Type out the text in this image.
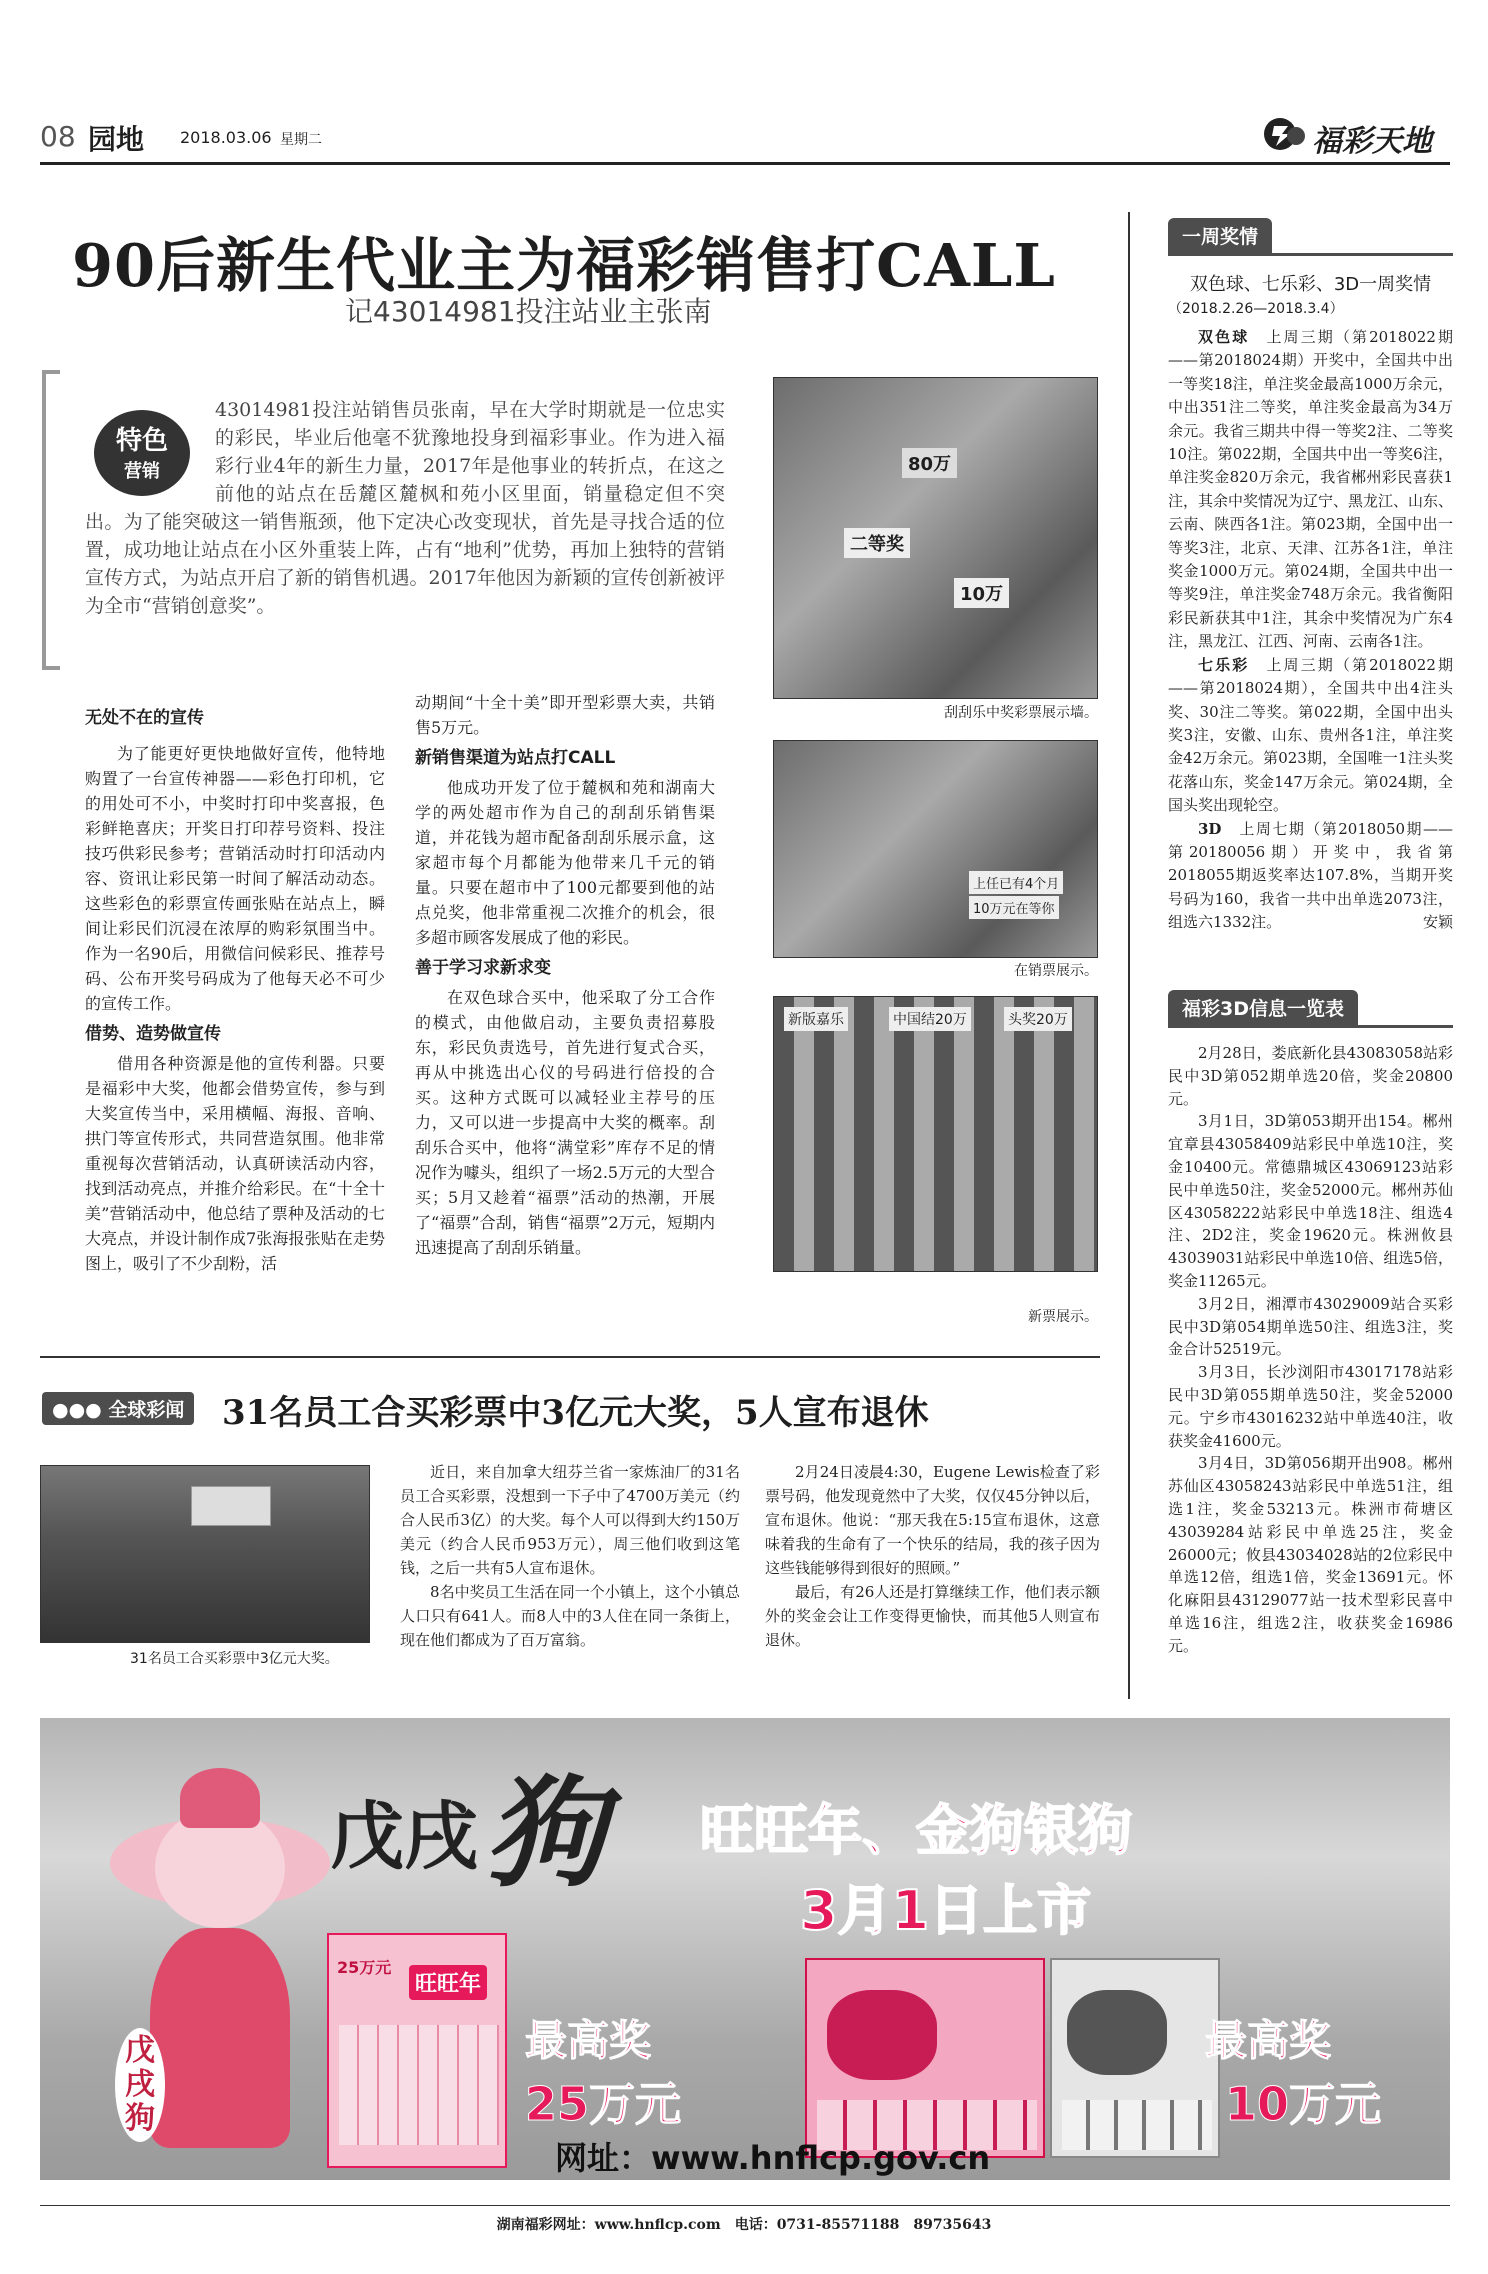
08 园地 2018.03.06 星期二	福彩天地
90后新生代业主为福彩销售打CALL
记43014981投注站业主张南
特色
营销
43014981投注站销售员张南，早在大学时期就是一位忠实的彩民，毕业后他毫不犹豫地投身到福彩事业。作为进入福彩行业4年的新生力量，2017年是他事业的转折点，在这之前他的站点在岳麓区麓枫和苑小区里面，销量稳定但不突出。为了能突破这一销售瓶颈，他下定决心改变现状，首先是寻找合适的位置，成功地让站点在小区外重装上阵，占有“地利”优势，再加上独特的营销宣传方式，为站点开启了新的销售机遇。2017年他因为新颖的宣传创新被评为全市“营销创意奖”。
无处不在的宣传

为了能更好更快地做好宣传，他特地购置了一台宣传神器——彩色打印机，它的用处可不小，中奖时打印中奖喜报，色彩鲜艳喜庆；开奖日打印荐号资料、投注技巧供彩民参考；营销活动时打印活动内容、资讯让彩民第一时间了解活动动态。这些彩色的彩票宣传画张贴在站点上，瞬间让彩民们沉浸在浓厚的购彩氛围当中。作为一名90后，用微信问候彩民、推荐号码、公布开奖号码成为了他每天必不可少的宣传工作。

借势、造势做宣传

借用各种资源是他的宣传利器。只要是福彩中大奖，他都会借势宣传，参与到大奖宣传当中，采用横幅、海报、音响、拱门等宣传形式，共同营造氛围。他非常重视每次营销活动，认真研读活动内容，找到活动亮点，并推介给彩民。在“十全十美”营销活动中，他总结了票种及活动的七大亮点，并设计制作成7张海报张贴在走势图上，吸引了不少刮粉，活

动期间“十全十美”即开型彩票大卖，共销售5万元。

新销售渠道为站点打CALL

他成功开发了位于麓枫和苑和湖南大学的两处超市作为自己的刮刮乐销售渠道，并花钱为超市配备刮刮乐展示盒，这家超市每个月都能为他带来几千元的销量。只要在超市中了100元都要到他的站点兑奖，他非常重视二次推介的机会，很多超市顾客发展成了他的彩民。

善于学习求新求变

在双色球合买中，他采取了分工合作的模式，由他做启动，主要负责招募股东，彩民负责选号，首先进行复式合买，再从中挑选出心仪的号码进行倍投的合买。这种方式既可以减轻业主荐号的压力，又可以进一步提高中大奖的概率。刮刮乐合买中，他将“满堂彩”库存不足的情况作为噱头，组织了一场2.5万元的大型合买；5月又趁着“福票”活动的热潮，开展了“福票”合刮，销售“福票”2万元，短期内迅速提高了刮刮乐销量。

80万
二等奖
10万
刮刮乐中奖彩票展示墙。
上任已有4个月
10万元在等你
在销票展示。
新版嘉乐	中国结20万	头奖20万
新票展示。
一周奖情
双色球、七乐彩、3D一周奖情
（2018.2.26—2018.3.4）

双色球　 上周三期（第2018022期——第2018024期）开奖中，全国共中出一等奖18注，单注奖金最高1000万余元，中出351注二等奖，单注奖金最高为34万余元。我省三期共中得一等奖2注、二等奖10注。第022期，全国共中出一等奖6注，单注奖金820万余元，我省郴州彩民喜获1注，其余中奖情况为辽宁、黑龙江、山东、云南、陕西各1注。第023期，全国中出一等奖3注，北京、天津、江苏各1注，单注奖金1000万元。第024期，全国共中出一等奖9注，单注奖金748万余元。我省衡阳彩民新获其中1注，其余中奖情况为广东4注，黑龙江、江西、河南、云南各1注。

七乐彩　 上周三期（第2018022期——第2018024期），全国共中出4注头奖、30注二等奖。第022期，全国中出头奖3注，安徽、山东、贵州各1注，单注奖金42万余元。第023期，全国唯一1注头奖花落山东，奖金147万余元。第024期，全国头奖出现轮空。

3D　 上周七期（第2018050期——第20180056期）开奖中，我省第2018055期返奖率达107.8%，当期开奖号码为160，我省一共中出单选2073注，组选六1332注。	安颖

福彩3D信息一览表

2月28日，娄底新化县43083058站彩民中3D第052期单选20倍，奖金20800元。

3月1日，3D第053期开出154。郴州宜章县43058409站彩民中单选10注，奖金10400元。常德鼎城区43069123站彩民中单选50注，奖金52000元。郴州苏仙区43058222站彩民中单选18注、组选4注、2D2注，奖金19620元。株洲攸县43039031站彩民中单选10倍、组选5倍，奖金11265元。

3月2日，湘潭市43029009站合买彩民中3D第054期单选50注、组选3注，奖金合计52519元。

3月3日，长沙浏阳市43017178站彩民中3D第055期单选50注，奖金52000元。宁乡市43016232站中单选40注，收获奖金41600元。

3月4日，3D第056期开出908。郴州苏仙区43058243站彩民中单选51注，组选1注，奖金53213元。株洲市荷塘区43039284站彩民中单选25注，奖金26000元；攸县43034028站的2位彩民中单选12倍，组选1倍，奖金13691元。怀化麻阳县43129077站一技术型彩民喜中单选16注，组选2注，收获奖金16986元。

●●● 全球彩闻 31名员工合买彩票中3亿元大奖，5人宣布退休
31名员工合买彩票中3亿元大奖。

近日，来自加拿大纽芬兰省一家炼油厂的31名员工合买彩票，没想到一下子中了4700万美元（约合人民币3亿）的大奖。每个人可以得到大约150万美元（约合人民币953万元），周三他们收到这笔钱，之后一共有5人宣布退休。

8名中奖员工生活在同一个小镇上，这个小镇总人口只有641人。而8人中的3人住在同一条街上，现在他们都成为了百万富翁。

2月24日凌晨4:30，Eugene Lewis检查了彩票号码，他发现竟然中了大奖，仅仅45分钟以后，宣布退休。他说：“那天我在5:15宣布退休，这意味着我的生命有了一个快乐的结局，我的孩子因为这些钱能够得到很好的照顾。”

最后，有26人还是打算继续工作，他们表示额外的奖金会让工作变得更愉快，而其他5人则宣布退休。

戊戌狗
戊戌 狗 旺旺年、金狗银狗
3月1日上市
25万元
旺旺年
最高奖
25万元
最高奖
10万元
网址：www.hnflcp.gov.cn
湖南福彩网址：www.hnflcp.com　电话：0731-85571188　89735643
